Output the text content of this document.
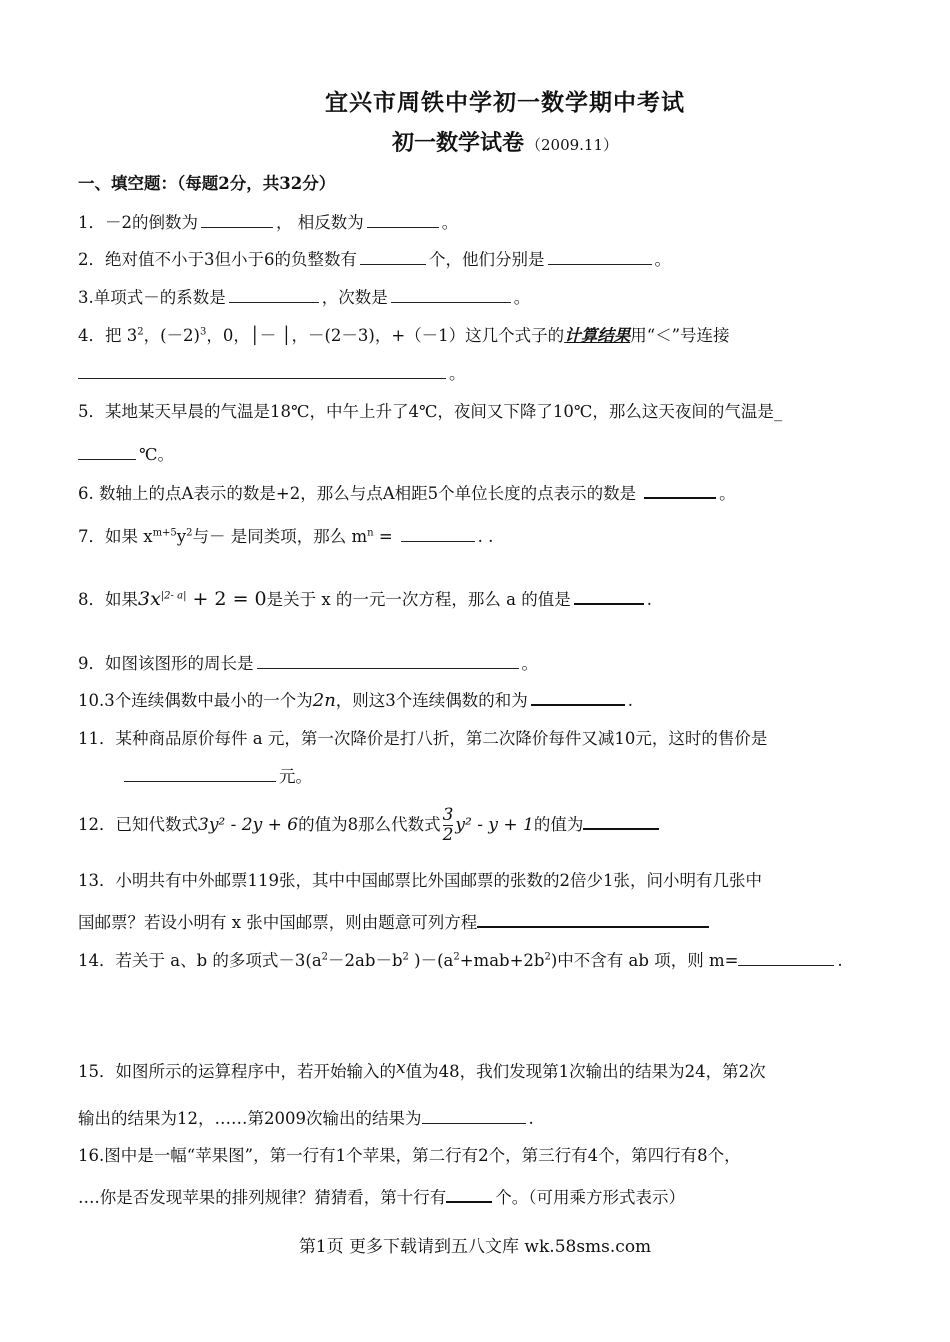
宜兴市周铁中学初一数学期中考试
初一数学试卷 （2009.11）
一、填空题：（每题2分，共32分）
1．－2的倒数为	， 相反数为	。
2．绝对值不小于3但小于6的负整数有	个，他们分别是	。
3.单项式－的系数是	，次数是	。
4．把 $3^2$，$(-2)^3$，0，│－ │，－(2－3)，+（－1）这几个式子的计算结果用“＜”号连接
。
5．某地某天早晨的气温是18℃，中午上升了4℃，夜间又下降了10℃，那么这天夜间的气温是_
℃。
6. 数轴上的点A表示的数是+2，那么与点A相距5个单位长度的点表示的数是	。
7．如果 $x^{m+5}y^2$与－ 是同类项，那么 $m^n$ =	. .
8．如果$3x^{|2- a|} + 2 = 0$是关于 x 的一元一次方程，那么 a 的值是	.
9．如图该图形的周长是	。
10.3个连续偶数中最小的一个为2n，则这3个连续偶数的和为	.
11．某种商品原价每件 a 元，第一次降价是打八折，第二次降价每件又减10元，这时的售价是
元。
12．已知代数式3y² - 2y + 6的值为8那么代数式 $\frac{3}{2} y^2 - y + 1$的值为
13．小明共有中外邮票119张，其中中国邮票比外国邮票的张数的2倍少1张，问小明有几张中
国邮票？若设小明有 x 张中国邮票，则由题意可列方程
14．若关于 a、b 的多项式$-3(a^2-2ab-b^2$ )$-(a^2+mab+2b^2)$中不含有 ab 项，则 m=	.
15．如图所示的运算程序中，若开始输入的x值为48，我们发现第1次输出的结果为24，第2次
输出的结果为12，……第2009次输出的结果为	.
16.图中是一幅“苹果图”，第一行有1个苹果，第二行有2个，第三行有4个，第四行有8个，
….你是否发现苹果的排列规律？猜猜看，第十行有	个。（可用乘方形式表示）
第1页 更多下载请到五八文库 wk.58sms.com
